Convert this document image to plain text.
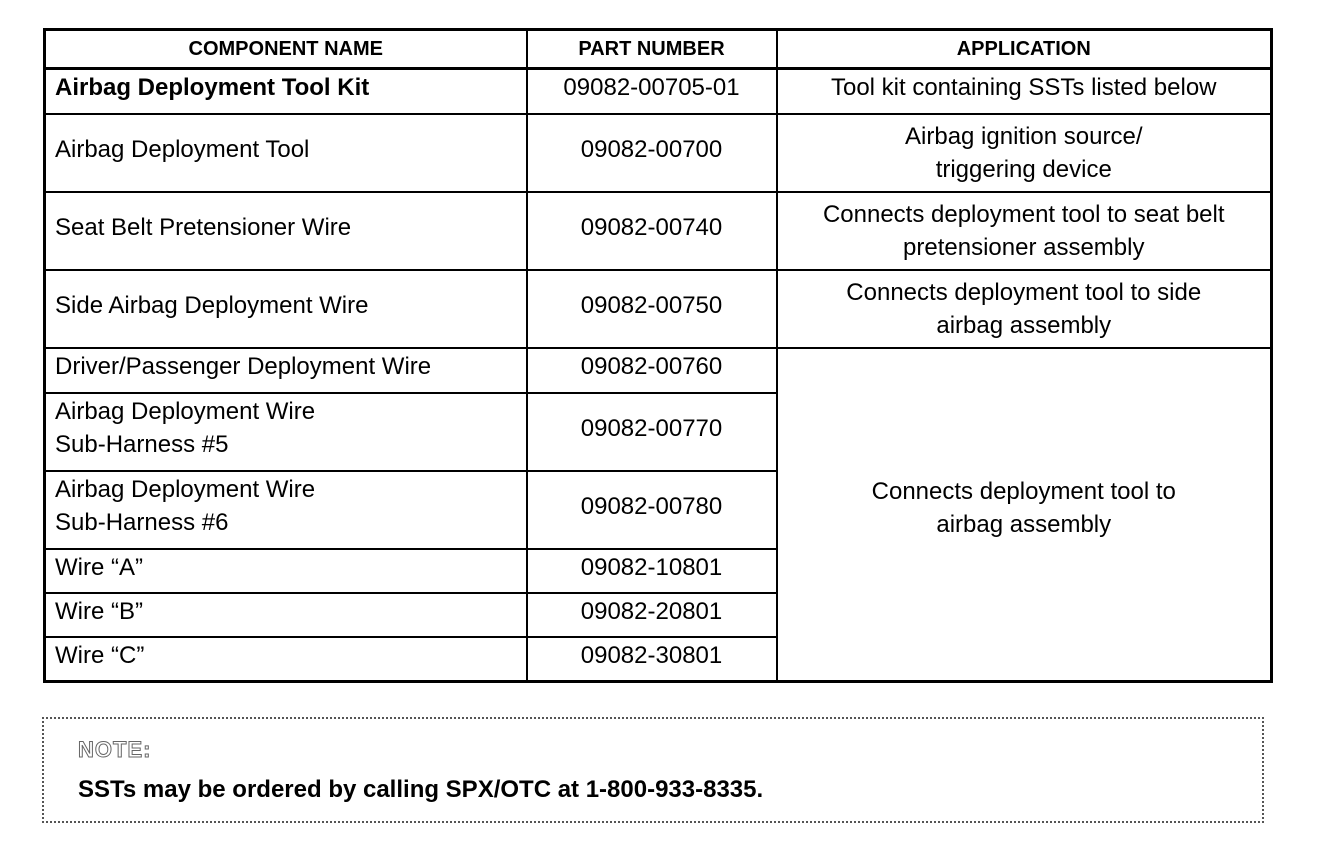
COMPONENT NAME	PART NUMBER	APPLICATION

Airbag Deployment Tool Kit	09082-00705-01	Tool kit containing SSTs listed below

Airbag Deployment Tool	09082-00700	Airbag ignition source/
triggering device

Seat Belt Pretensioner Wire	09082-00740	Connects deployment tool to seat belt
pretensioner assembly

Side Airbag Deployment Wire	09082-00750	Connects deployment tool to side
airbag assembly

Driver/Passenger Deployment Wire	09082-00760	Connects deployment tool to
airbag assembly

Airbag Deployment Wire
Sub-Harness #5	09082-00770	

Airbag Deployment Wire
Sub-Harness #6	09082-00780	

Wire “A”	09082-10801	

Wire “B”	09082-20801	

Wire “C”	09082-30801	
NOTE:
SSTs may be ordered by calling SPX/OTC at 1-800-933-8335.
